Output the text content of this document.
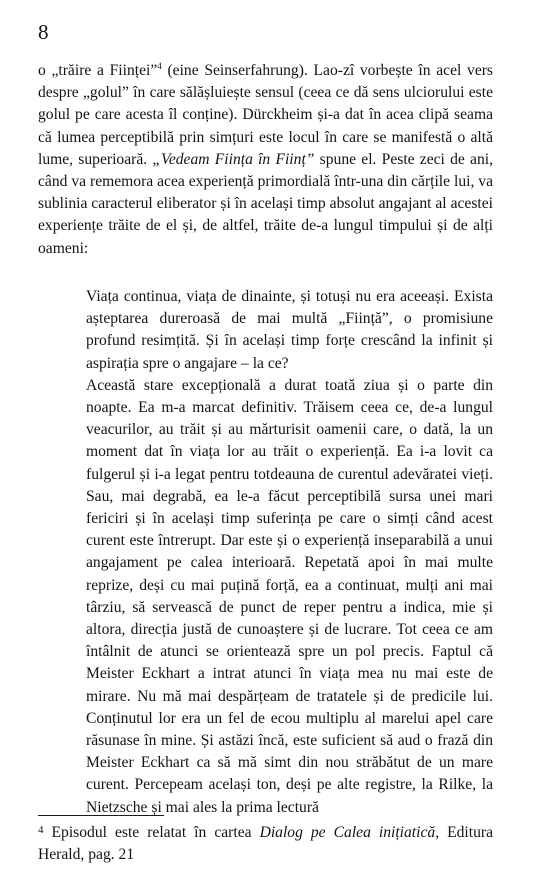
8

o „trăire a Ființei”$^4$ (eine Seinserfahrung). Lao-zî vorbește în acel vers despre „golul” în care sălășluiește sensul (ceea ce dă sens ulciorului este golul pe care acesta îl conține). Dürckheim și-a dat în acea clipă seama că lumea perceptibilă prin simțuri este locul în care se manifestă o altă lume, superioară. „Vedeam Ființa în Ființ” spune el. Peste zeci de ani, când va rememora acea experiență primordială într-una din cărțile lui, va sublinia caracterul eliberator și în același timp absolut angajant al acestei experiențe trăite de el și, de altfel, trăite de-a lungul timpului și de alți oameni:

Viața continua, viața de dinainte, și totuși nu era aceeași. Exista așteptarea dureroasă de mai multă „Ființă”, o promisiune profund resimțită. Și în același timp forțe crescând la infinit și aspirația spre o angajare – la ce?

Această stare excepțională a durat toată ziua și o parte din noapte. Ea m-a marcat definitiv. Trăisem ceea ce, de-a lungul veacurilor, au trăit și au mărturisit oamenii care, o dată, la un moment dat în viața lor au trăit o experiență. Ea i-a lovit ca fulgerul și i-a legat pentru totdeauna de curentul adevăratei vieți. Sau, mai degrabă, ea le-a făcut perceptibilă sursa unei mari fericiri și în același timp suferința pe care o simți când acest curent este întrerupt. Dar este și o experiență inseparabilă a unui angajament pe calea interioară. Repetată apoi în mai multe reprize, deși cu mai puțină forță, ea a continuat, mulți ani mai târziu, să servească de punct de reper pentru a indica, mie și altora, direcția justă de cunoaștere și de lucrare. Tot ceea ce am întâlnit de atunci se orientează spre un pol precis. Faptul că Meister Eckhart a intrat atunci în viața mea nu mai este de mirare. Nu mă mai despărțeam de tratatele și de predicile lui. Conținutul lor era un fel de ecou multiplu al marelui apel care răsunase în mine. Și astăzi încă, este suficient să aud o frază din Meister Eckhart ca să mă simt din nou străbătut de un mare curent. Percepeam același ton, deși pe alte registre, la Rilke, la Nietzsche și mai ales la prima lectură

$^4$ Episodul este relatat în cartea Dialog pe Calea inițiatică, Editura Herald, pag. 21
